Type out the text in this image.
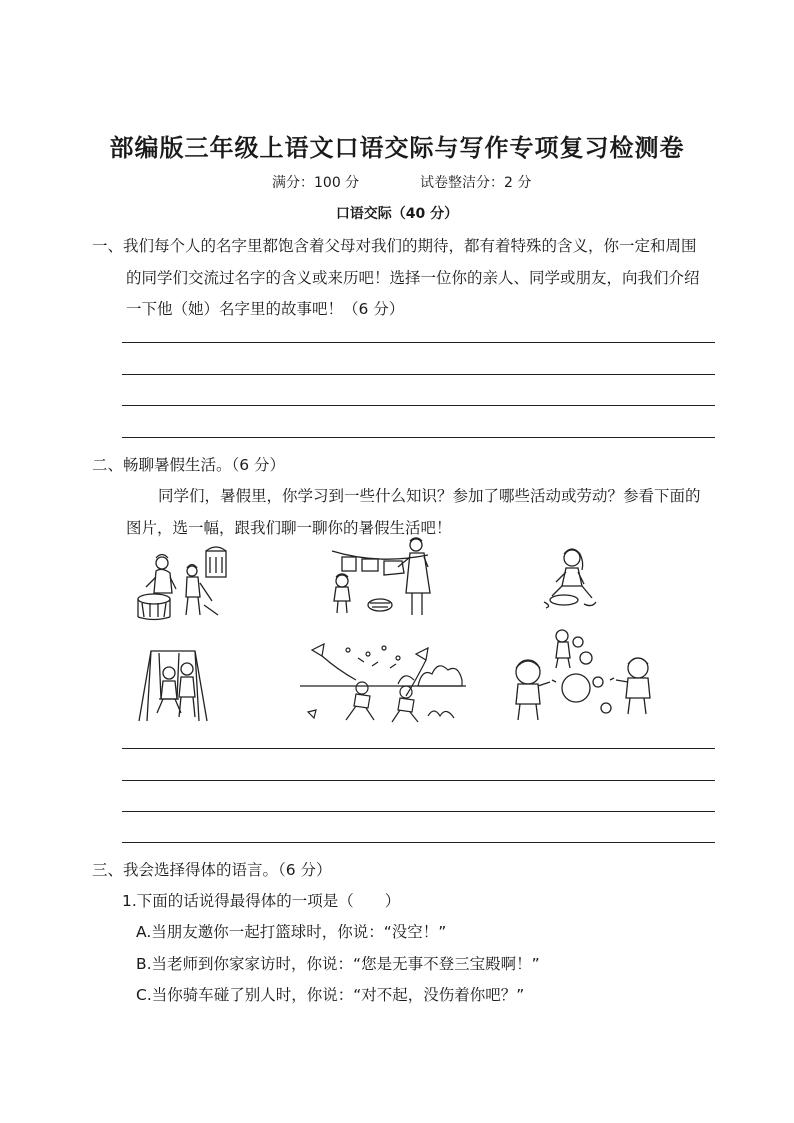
部编版三年级上语文口语交际与写作专项复习检测卷
满分：100 分	试卷整洁分：2 分
口语交际（40 分）
一、我们每个人的名字里都饱含着父母对我们的期待，都有着特殊的含义，你一定和周围
的同学们交流过名字的含义或来历吧！选择一位你的亲人、同学或朋友，向我们介绍
一下他（她）名字里的故事吧！（6 分）
二、畅聊暑假生活。（6 分）
同学们，暑假里，你学习到一些什么知识？参加了哪些活动或劳动？参看下面的
图片，选一幅，跟我们聊一聊你的暑假生活吧！
三、我会选择得体的语言。（6 分）
1.下面的话说得最得体的一项是（　　）
A.当朋友邀你一起打篮球时，你说：“没空！”
B.当老师到你家家访时，你说：“您是无事不登三宝殿啊！”
C.当你骑车碰了别人时，你说：“对不起，没伤着你吧？”
